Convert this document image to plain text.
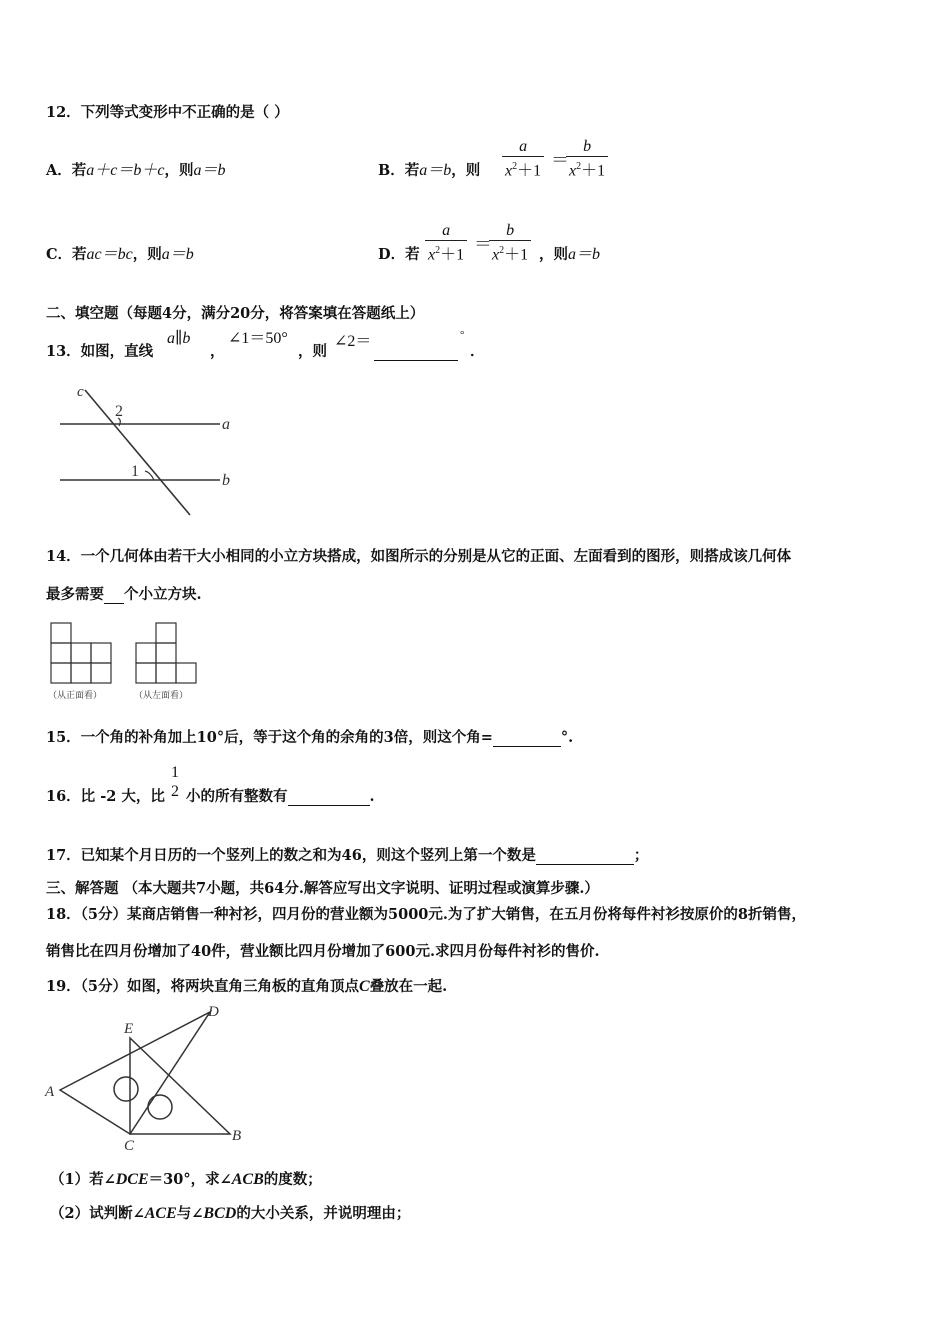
12．下列等式变形中不正确的是（ ）
A．若a＋c＝b＋c，则a＝b	B．若a＝b，则
a
$x^2+1$
＝
b
$x^2+1$
C．若ac＝bc，则a＝b	D．若
a
$x^2+1$
＝
b
$x^2+1$ ，则a＝b
二、填空题（每题4分，满分20分，将答案填在答题纸上）
13．如图，直线
a∥b
，
∠1＝50°
，则
∠2＝	°
．
c
2
1
a
b
14．一个几何体由若干大小相同的小立方块搭成，如图所示的分别是从它的正面、左面看到的图形，则搭成该几何体
最多需要 个小立方块.
（从正面看）	（从左面看）
15．一个角的补角加上10°后，等于这个角的余角的3倍，则这个角=	°.
16．比 -2 大，比
1
2 小的所有整数有	.
17．已知某个月日历的一个竖列上的数之和为46，则这个竖列上第一个数是	；
三、解答题 （本大题共7小题，共64分.解答应写出文字说明、证明过程或演算步骤.）
18．（5分）某商店销售一种衬衫，四月份的营业额为5000元.为了扩大销售，在五月份将每件衬衫按原价的8折销售，
销售比在四月份增加了40件，营业额比四月份增加了600元.求四月份每件衬衫的售价.
19．（5分）如图，将两块直角三角板的直角顶点C叠放在一起.
A
B
C
D
E
（1）若∠DCE＝30°，求∠ACB的度数；
（2）试判断∠ACE与∠BCD的大小关系，并说明理由；
